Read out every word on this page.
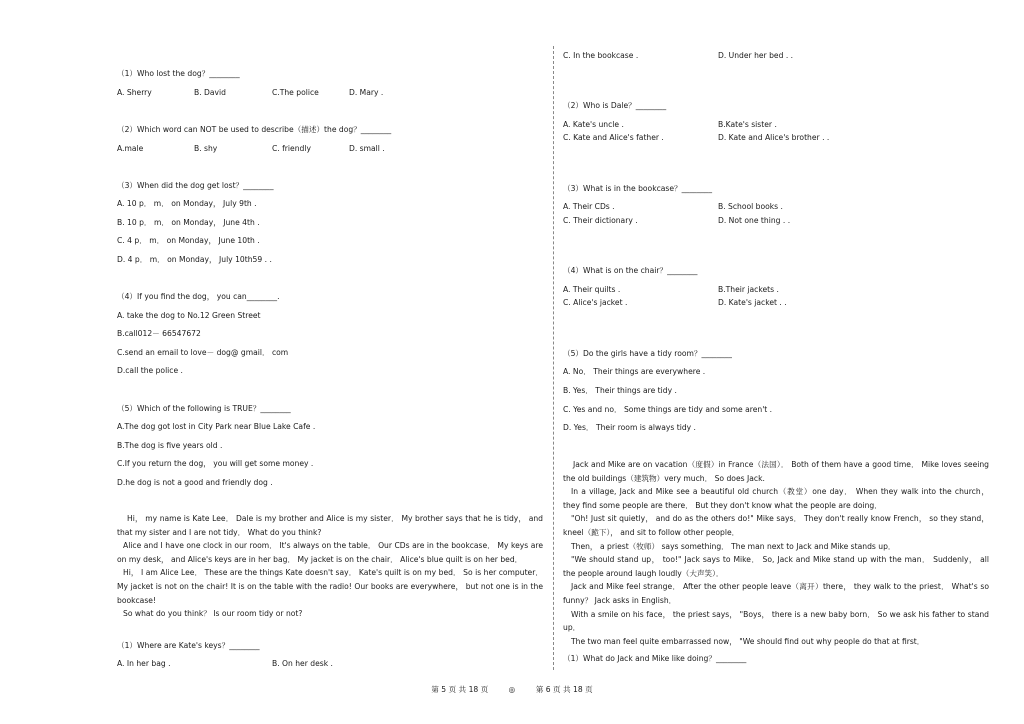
（1）Who lost the dog？________
A. Sherry	B. David	C.The police	D. Mary .
（2）Which word can NOT be used to describe（描述）the dog？________
A.male	B. shy	C. friendly	D. small .
（3）When did the dog get lost？________
A. 10 p． m． on Monday， July 9th .
B. 10 p． m． on Monday， June 4th .
C. 4 p． m． on Monday， June 10th .
D. 4 p． m． on Monday， July 10th59 . .
（4）If you find the dog， you can________.
A. take the dog to No.12 Green Street
B.call012－ 66547672
C.send an email to love－ dog@ gmail． com
D.call the police .
（5）Which of the following is TRUE？________
A.The dog got lost in City Park near Blue Lake Cafe .
B.The dog is five years old .
C.If you return the dog， you will get some money .
D.he dog is not a good and friendly dog .

Hi， my name is Kate Lee． Dale is my brother and Alice is my sister． My brother says that he is tidy， and that my sister and I are not tidy． What do you think?

Alice and I have one clock in our room． It's always on the table． Our CDs are in the bookcase． My keys are on my desk， and Alice's keys are in her bag． My jacket is on the chair． Alice's blue quilt is on her bed．

Hi， I am Alice Lee． These are the things Kate doesn't say． Kate's quilt is on my bed． So is her computer． My jacket is not on the chair! It is on the table with the radio! Our books are everywhere， but not one is in the bookcase!

So what do you think？ Is our room tidy or not?

（1）Where are Kate's keys？________
A. In her bag .	B. On her desk .
C. In the bookcase .	D. Under her bed . .
（2）Who is Dale？________
A. Kate's uncle .	B.Kate's sister .
C. Kate and Alice's father .	D. Kate and Alice's brother . .
（3）What is in the bookcase？________
A. Their CDs .	B. School books .
C. Their dictionary .	D. Not one thing . .
（4）What is on the chair？________
A. Their quilts .	B.Their jackets .
C. Alice's jacket .	D. Kate's jacket . .
（5）Do the girls have a tidy room？________
A. No． Their things are everywhere .
B. Yes． Their things are tidy .
C. Yes and no． Some things are tidy and some aren't .
D. Yes． Their room is always tidy .

Jack and Mike are on vacation（度假）in France（法国）． Both of them have a good time． Mike loves seeing the old buildings（建筑物）very much． So does Jack.

In a village, Jack and Mike see a beautiful old church（教堂）one day． When they walk into the church， they find some people are there． But they don't know what the people are doing．

"Oh! Just sit quietly， and do as the others do!" Mike says． They don't really know French， so they stand， kneel（跪下）， and sit to follow other people．

Then， a priest（牧师） says something． The man next to Jack and Mike stands up．

"We should stand up， too!" Jack says to Mike． So, Jack and Mike stand up with the man． Suddenly， all the people around laugh loudly（大声笑）．

Jack and Mike feel strange． After the other people leave（离开）there， they walk to the priest． What's so funny？ Jack asks in English．

With a smile on his face， the priest says， "Boys， there is a new baby born． So we ask his father to stand up．

The two man feel quite embarrassed now， "We should find out why people do that at first．

（1）What do Jack and Mike like doing？________
第 5 页 共 18 页	◎	第 6 页 共 18 页
